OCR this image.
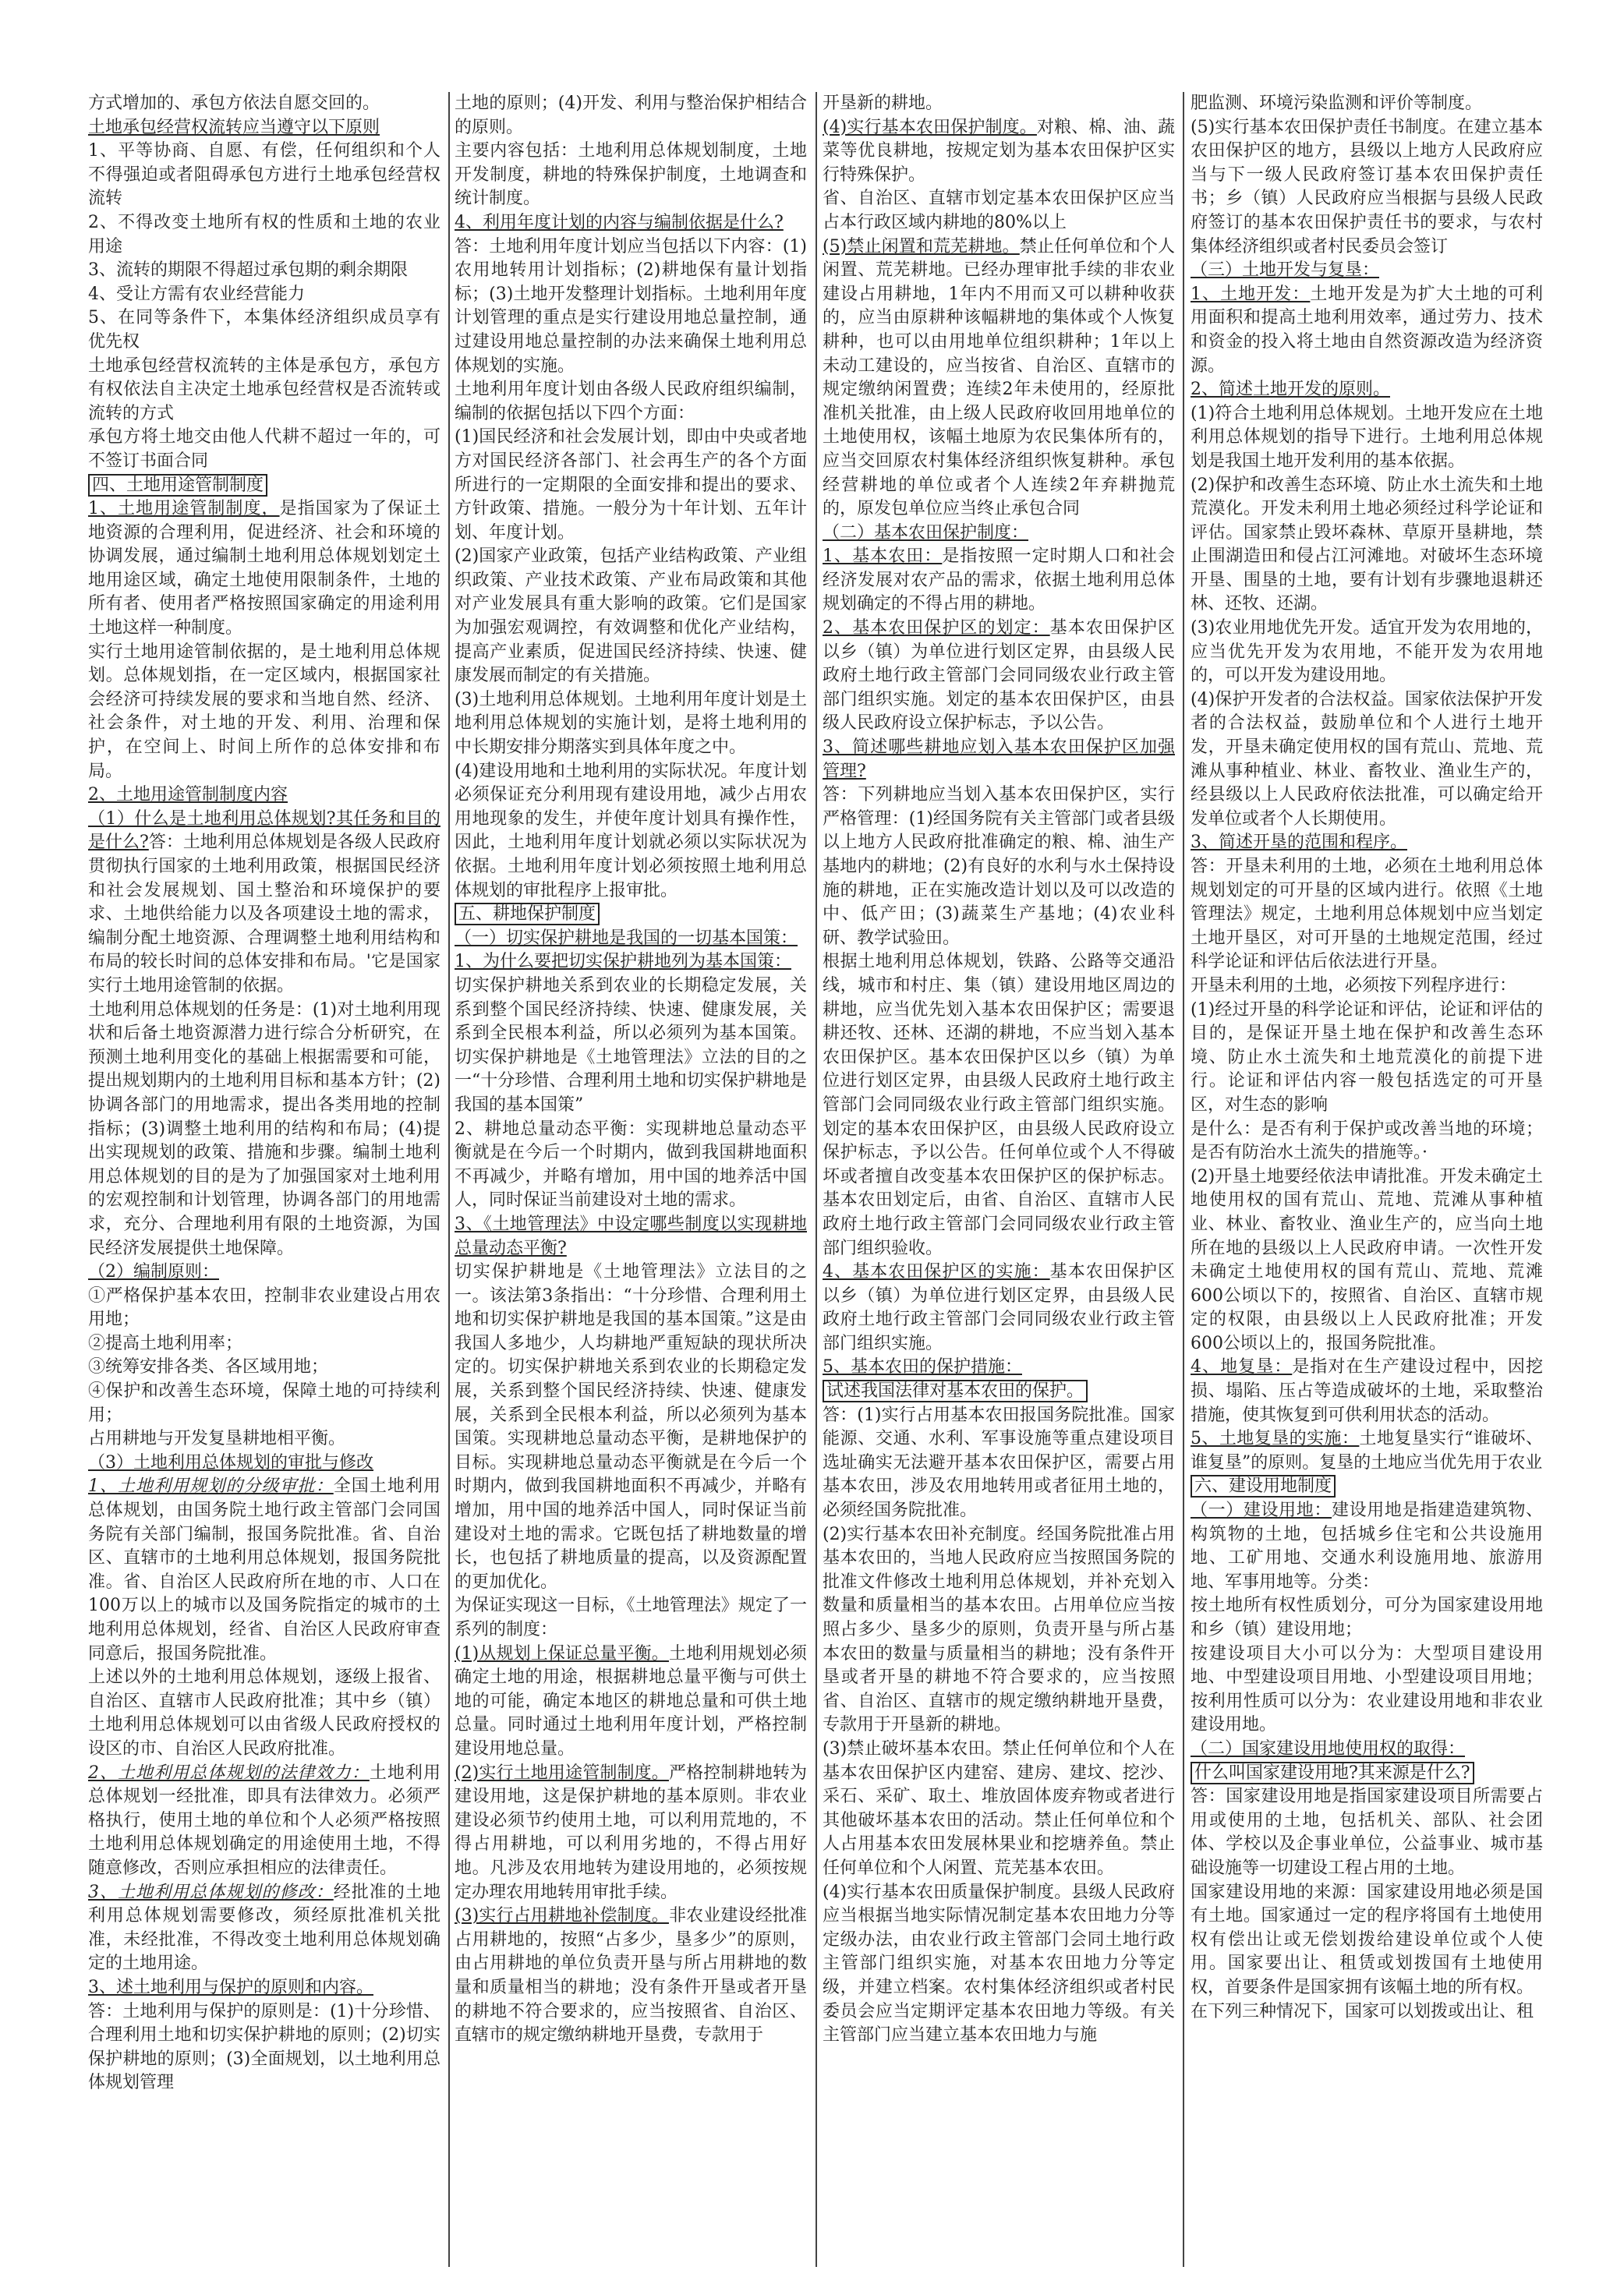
方式增加的、承包方依法自愿交回的。

土地承包经营权流转应当遵守以下原则

1、平等协商、自愿、有偿，任何组织和个人不得强迫或者阻碍承包方进行土地承包经营权流转

2、不得改变土地所有权的性质和土地的农业用途

3、流转的期限不得超过承包期的剩余期限

4、受让方需有农业经营能力

5、在同等条件下，本集体经济组织成员享有优先权

土地承包经营权流转的主体是承包方，承包方有权依法自主决定土地承包经营权是否流转或流转的方式

承包方将土地交由他人代耕不超过一年的，可不签订书面合同

四、土地用途管制制度

1、土地用途管制制度，是指国家为了保证土地资源的合理利用，促进经济、社会和环境的协调发展，通过编制土地利用总体规划划定土地用途区域，确定土地使用限制条件，土地的所有者、使用者严格按照国家确定的用途利用土地这样一种制度。

实行土地用途管制依据的，是土地利用总体规划。总体规划指，在一定区域内，根据国家社会经济可持续发展的要求和当地自然、经济、社会条件，对土地的开发、利用、治理和保护，在空间上、时间上所作的总体安排和布局。

2、土地用途管制制度内容

（1）什么是土地利用总体规划?其任务和目的是什么?答：土地利用总体规划是各级人民政府贯彻执行国家的土地利用政策，根据国民经济和社会发展规划、国土整治和环境保护的要求、土地供给能力以及各项建设土地的需求，编制分配土地资源、合理调整土地利用结构和布局的较长时间的总体安排和布局。'它是国家实行土地用途管制的依据。

土地利用总体规划的任务是：(1)对土地利用现状和后备土地资源潜力进行综合分析研究，在预测土地利用变化的基础上根据需要和可能，提出规划期内的土地利用目标和基本方针；(2)协调各部门的用地需求，提出各类用地的控制指标；(3)调整土地利用的结构和布局；(4)提出实现规划的政策、措施和步骤。编制土地利用总体规划的目的是为了加强国家对土地利用的宏观控制和计划管理，协调各部门的用地需求，充分、合理地利用有限的土地资源，为国民经济发展提供土地保障。

（2）编制原则：

①严格保护基本农田，控制非农业建设占用农用地；

②提高土地利用率；

③统筹安排各类、各区域用地；

④保护和改善生态环境，保障土地的可持续利用；

占用耕地与开发复垦耕地相平衡。

（3）土地利用总体规划的审批与修改

1、土地利用规划的分级审批：全国土地利用总体规划，由国务院土地行政主管部门会同国务院有关部门编制，报国务院批准。省、自治区、直辖市的土地利用总体规划，报国务院批准。省、自治区人民政府所在地的市、人口在100万以上的城市以及国务院指定的城市的土地利用总体规划，经省、自治区人民政府审查同意后，报国务院批准。

上述以外的土地利用总体规划，逐级上报省、自治区、直辖市人民政府批准；其中乡（镇）土地利用总体规划可以由省级人民政府授权的设区的市、自治区人民政府批准。

2、土地利用总体规划的法律效力：土地利用总体规划一经批准，即具有法律效力。必须严格执行，使用土地的单位和个人必须严格按照土地利用总体规划确定的用途使用土地，不得随意修改，否则应承担相应的法律责任。

3、土地利用总体规划的修改：经批准的土地利用总体规划需要修改，须经原批准机关批准，未经批准，不得改变土地利用总体规划确定的土地用途。

3、述土地利用与保护的原则和内容。

答：土地利用与保护的原则是：(1)十分珍惜、合理利用土地和切实保护耕地的原则；(2)切实保护耕地的原则；(3)全面规划，以土地利用总体规划管理

土地的原则；(4)开发、利用与整治保护相结合的原则。

主要内容包括：土地利用总体规划制度，土地开发制度，耕地的特殊保护制度，土地调查和统计制度。

4、利用年度计划的内容与编制依据是什么?

答：土地利用年度计划应当包括以下内容：(1)农用地转用计划指标；(2)耕地保有量计划指标；(3)土地开发整理计划指标。土地利用年度计划管理的重点是实行建设用地总量控制，通过建设用地总量控制的办法来确保土地利用总体规划的实施。

土地利用年度计划由各级人民政府组织编制，编制的依据包括以下四个方面：

(1)国民经济和社会发展计划，即由中央或者地方对国民经济各部门、社会再生产的各个方面所进行的一定期限的全面安排和提出的要求、方针政策、措施。一般分为十年计划、五年计划、年度计划。

(2)国家产业政策，包括产业结构政策、产业组织政策、产业技术政策、产业布局政策和其他对产业发展具有重大影响的政策。它们是国家为加强宏观调控，有效调整和优化产业结构，提高产业素质，促进国民经济持续、快速、健康发展而制定的有关措施。

(3)土地利用总体规划。土地利用年度计划是土地利用总体规划的实施计划，是将土地利用的中长期安排分期落实到具体年度之中。

(4)建设用地和土地利用的实际状况。年度计划必须保证充分利用现有建设用地，减少占用农用地现象的发生，并使年度计划具有操作性，因此，土地利用年度计划就必须以实际状况为依据。土地利用年度计划必须按照土地利用总体规划的审批程序上报审批。

五、耕地保护制度

（一）切实保护耕地是我国的一切基本国策：

1、为什么要把切实保护耕地列为基本国策：

切实保护耕地关系到农业的长期稳定发展，关系到整个国民经济持续、快速、健康发展，关系到全民根本利益，所以必须列为基本国策。切实保护耕地是《土地管理法》立法的目的之一“十分珍惜、合理利用土地和切实保护耕地是我国的基本国策”

2、耕地总量动态平衡：实现耕地总量动态平衡就是在今后一个时期内，做到我国耕地面积不再减少，并略有增加，用中国的地养活中国人，同时保证当前建设对土地的需求。

3、《土地管理法》中设定哪些制度以实现耕地总量动态平衡?

切实保护耕地是《土地管理法》立法目的之一。该法第3条指出：“十分珍惜、合理利用土地和切实保护耕地是我国的基本国策。”这是由我国人多地少，人均耕地严重短缺的现状所决定的。切实保护耕地关系到农业的长期稳定发展，关系到整个国民经济持续、快速、健康发展，关系到全民根本利益，所以必须列为基本国策。实现耕地总量动态平衡，是耕地保护的目标。实现耕地总量动态平衡就是在今后一个时期内，做到我国耕地面积不再减少，并略有增加，用中国的地养活中国人，同时保证当前建设对土地的需求。它既包括了耕地数量的增长，也包括了耕地质量的提高，以及资源配置的更加优化。

为保证实现这一目标，《土地管理法》规定了一系列的制度：

(1)从规划上保证总量平衡。土地利用规划必须确定土地的用途，根据耕地总量平衡与可供土地的可能，确定本地区的耕地总量和可供土地总量。同时通过土地利用年度计划，严格控制建设用地总量。

(2)实行土地用途管制制度。严格控制耕地转为建设用地，这是保护耕地的基本原则。非农业建设必须节约使用土地，可以利用荒地的，不得占用耕地，可以利用劣地的，不得占用好地。凡涉及农用地转为建设用地的，必须按规定办理农用地转用审批手续。

(3)实行占用耕地补偿制度。非农业建设经批准占用耕地的，按照“占多少，垦多少”的原则，由占用耕地的单位负责开垦与所占用耕地的数量和质量相当的耕地；没有条件开垦或者开垦的耕地不符合要求的，应当按照省、自治区、直辖市的规定缴纳耕地开垦费，专款用于

开垦新的耕地。

(4)实行基本农田保护制度。对粮、棉、油、蔬菜等优良耕地，按规定划为基本农田保护区实行特殊保护。

省、自治区、直辖市划定基本农田保护区应当占本行政区域内耕地的80%以上

(5)禁止闲置和荒芜耕地。禁止任何单位和个人闲置、荒芜耕地。已经办理审批手续的非农业建设占用耕地，1年内不用而又可以耕种收获的，应当由原耕种该幅耕地的集体或个人恢复耕种，也可以由用地单位组织耕种；1年以上未动工建设的，应当按省、自治区、直辖市的规定缴纳闲置费；连续2年未使用的，经原批准机关批准，由上级人民政府收回用地单位的土地使用权，该幅土地原为农民集体所有的，应当交回原农村集体经济组织恢复耕种。承包经营耕地的单位或者个人连续2年弃耕抛荒的，原发包单位应当终止承包合同

（二）基本农田保护制度：

1、基本农田：是指按照一定时期人口和社会经济发展对农产品的需求，依据土地利用总体规划确定的不得占用的耕地。

2、基本农田保护区的划定：基本农田保护区以乡（镇）为单位进行划区定界，由县级人民政府土地行政主管部门会同同级农业行政主管部门组织实施。划定的基本农田保护区，由县级人民政府设立保护标志，予以公告。

3、简述哪些耕地应划入基本农田保护区加强管理?

答：下列耕地应当划入基本农田保护区，实行严格管理：(1)经国务院有关主管部门或者县级以上地方人民政府批准确定的粮、棉、油生产基地内的耕地；(2)有良好的水利与水土保持设施的耕地，正在实施改造计划以及可以改造的中、低产田；(3)蔬菜生产基地；(4)农业科研、教学试验田。

根据土地利用总体规划，铁路、公路等交通沿线，城市和村庄、集（镇）建设用地区周边的耕地，应当优先划入基本农田保护区；需要退耕还牧、还林、还湖的耕地，不应当划入基本农田保护区。基本农田保护区以乡（镇）为单位进行划区定界，由县级人民政府土地行政主管部门会同同级农业行政主管部门组织实施。划定的基本农田保护区，由县级人民政府设立保护标志，予以公告。任何单位或个人不得破坏或者擅自改变基本农田保护区的保护标志。基本农田划定后，由省、自治区、直辖市人民政府土地行政主管部门会同同级农业行政主管部门组织验收。

4、基本农田保护区的实施：基本农田保护区以乡（镇）为单位进行划区定界，由县级人民政府土地行政主管部门会同同级农业行政主管部门组织实施。

5、基本农田的保护措施：

试述我国法律对基本农田的保护。

答：(1)实行占用基本农田报国务院批准。国家能源、交通、水利、军事设施等重点建设项目选址确实无法避开基本农田保护区，需要占用基本农田，涉及农用地转用或者征用土地的，必须经国务院批准。

(2)实行基本农田补充制度。经国务院批准占用基本农田的，当地人民政府应当按照国务院的批准文件修改土地利用总体规划，并补充划入数量和质量相当的基本农田。占用单位应当按照占多少、垦多少的原则，负责开垦与所占基本农田的数量与质量相当的耕地；没有条件开垦或者开垦的耕地不符合要求的，应当按照省、自治区、直辖市的规定缴纳耕地开垦费，专款用于开垦新的耕地。

(3)禁止破坏基本农田。禁止任何单位和个人在基本农田保护区内建窑、建房、建坟、挖沙、采石、采矿、取土、堆放固体废弃物或者进行其他破坏基本农田的活动。禁止任何单位和个人占用基本农田发展林果业和挖塘养鱼。禁止任何单位和个人闲置、荒芜基本农田。

(4)实行基本农田质量保护制度。县级人民政府应当根据当地实际情况制定基本农田地力分等定级办法，由农业行政主管部门会同土地行政主管部门组织实施，对基本农田地力分等定级，并建立档案。农村集体经济组织或者村民委员会应当定期评定基本农田地力等级。有关主管部门应当建立基本农田地力与施

肥监测、环境污染监测和评价等制度。

(5)实行基本农田保护责任书制度。在建立基本农田保护区的地方，县级以上地方人民政府应当与下一级人民政府签订基本农田保护责任书；乡（镇）人民政府应当根据与县级人民政府签订的基本农田保护责任书的要求，与农村集体经济组织或者村民委员会签订

（三）土地开发与复垦：

1、土地开发：土地开发是为扩大土地的可利用面积和提高土地利用效率，通过劳力、技术和资金的投入将土地由自然资源改造为经济资源。

2、简述土地开发的原则。

(1)符合土地利用总体规划。土地开发应在土地利用总体规划的指导下进行。土地利用总体规划是我国土地开发利用的基本依据。

(2)保护和改善生态环境、防止水土流失和土地荒漠化。开发未利用土地必须经过科学论证和评估。国家禁止毁坏森林、草原开垦耕地，禁止围湖造田和侵占江河滩地。对破坏生态环境开垦、围垦的土地，要有计划有步骤地退耕还林、还牧、还湖。

(3)农业用地优先开发。适宜开发为农用地的，应当优先开发为农用地，不能开发为农用地的，可以开发为建设用地。

(4)保护开发者的合法权益。国家依法保护开发者的合法权益，鼓励单位和个人进行土地开发，开垦未确定使用权的国有荒山、荒地、荒滩从事种植业、林业、畜牧业、渔业生产的，经县级以上人民政府依法批准，可以确定给开发单位或者个人长期使用。

3、简述开垦的范围和程序。

答：开垦未利用的土地，必须在土地利用总体规划划定的可开垦的区域内进行。依照《土地管理法》规定，土地利用总体规划中应当划定土地开垦区，对可开垦的土地规定范围，经过科学论证和评估后依法进行开垦。

开垦未利用的土地，必须按下列程序进行：

(1)经过开垦的科学论证和评估，论证和评估的目的，是保证开垦土地在保护和改善生态环境、防止水土流失和土地荒漠化的前提下进行。论证和评估内容一般包括选定的可开垦区，对生态的影响

是什么：是否有利于保护或改善当地的环境；是否有防治水土流失的措施等。·

(2)开垦土地要经依法申请批准。开发未确定土地使用权的国有荒山、荒地、荒滩从事种植业、林业、畜牧业、渔业生产的，应当向土地所在地的县级以上人民政府申请。一次性开发未确定土地使用权的国有荒山、荒地、荒滩600公顷以下的，按照省、自治区、直辖市规定的权限，由县级以上人民政府批准；开发600公顷以上的，报国务院批准。

4、地复垦：是指对在生产建设过程中，因挖损、塌陷、压占等造成破坏的土地，采取整治措施，使其恢复到可供利用状态的活动。

5、土地复垦的实施：土地复垦实行“谁破坏、谁复垦”的原则。复垦的土地应当优先用于农业

六、建设用地制度

（一）建设用地：建设用地是指建造建筑物、构筑物的土地，包括城乡住宅和公共设施用地、工矿用地、交通水利设施用地、旅游用地、军事用地等。分类：

按土地所有权性质划分，可分为国家建设用地和乡（镇）建设用地；

按建设项目大小可以分为：大型项目建设用地、中型建设项目用地、小型建设项目用地；按利用性质可以分为：农业建设用地和非农业建设用地。

（二）国家建设用地使用权的取得：

什么叫国家建设用地?其来源是什么?

答：国家建设用地是指国家建设项目所需要占用或使用的土地，包括机关、部队、社会团体、学校以及企事业单位，公益事业、城市基础设施等一切建设工程占用的土地。

国家建设用地的来源：国家建设用地必须是国有土地。国家通过一定的程序将国有土地使用权有偿出让或无偿划拨给建设单位或个人使用。国家要出让、租赁或划拨国有土地使用权，首要条件是国家拥有该幅土地的所有权。

在下列三种情况下，国家可以划拨或出让、租
